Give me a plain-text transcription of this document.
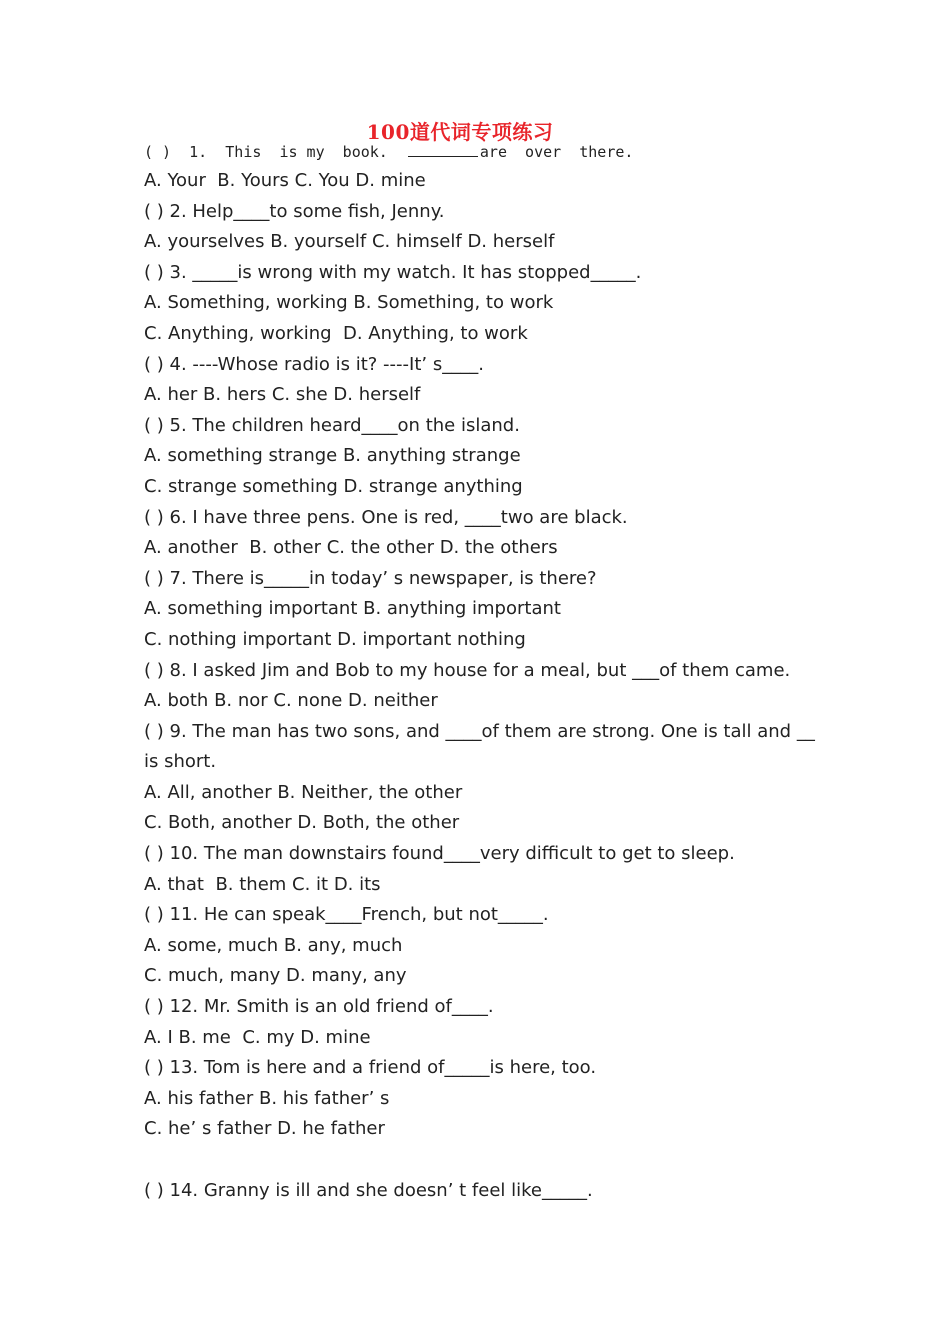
100道代词专项练习
( )  1.  This  is my  book.	are  over  there.
A. Your  B. Yours C. You D. mine
( ) 2. Help____to some fish, Jenny.
A. yourselves B. yourself C. himself D. herself
( ) 3. _____is wrong with my watch. It has stopped_____.
A. Something, working B. Something, to work
C. Anything, working  D. Anything, to work
( ) 4. ----Whose radio is it? ----It’ s____.
A. her B. hers C. she D. herself
( ) 5. The children heard____on the island.
A. something strange B. anything strange
C. strange something D. strange anything
( ) 6. I have three pens. One is red, ____two are black.
A. another  B. other C. the other D. the others
( ) 7. There is_____in today’ s newspaper, is there?
A. something important B. anything important
C. nothing important D. important nothing
( ) 8. I asked Jim and Bob to my house for a meal, but ___of them came.
A. both B. nor C. none D. neither
( ) 9. The man has two sons, and ____of them are strong. One is tall and __
is short.
A. All, another B. Neither, the other
C. Both, another D. Both, the other
( ) 10. The man downstairs found____very difficult to get to sleep.
A. that  B. them C. it D. its
( ) 11. He can speak____French, but not_____.
A. some, much B. any, much
C. much, many D. many, any
( ) 12. Mr. Smith is an old friend of____.
A. I B. me  C. my D. mine
( ) 13. Tom is here and a friend of_____is here, too.
A. his father B. his father’ s
C. he’ s father D. he father
( ) 14. Granny is ill and she doesn’ t feel like_____.
